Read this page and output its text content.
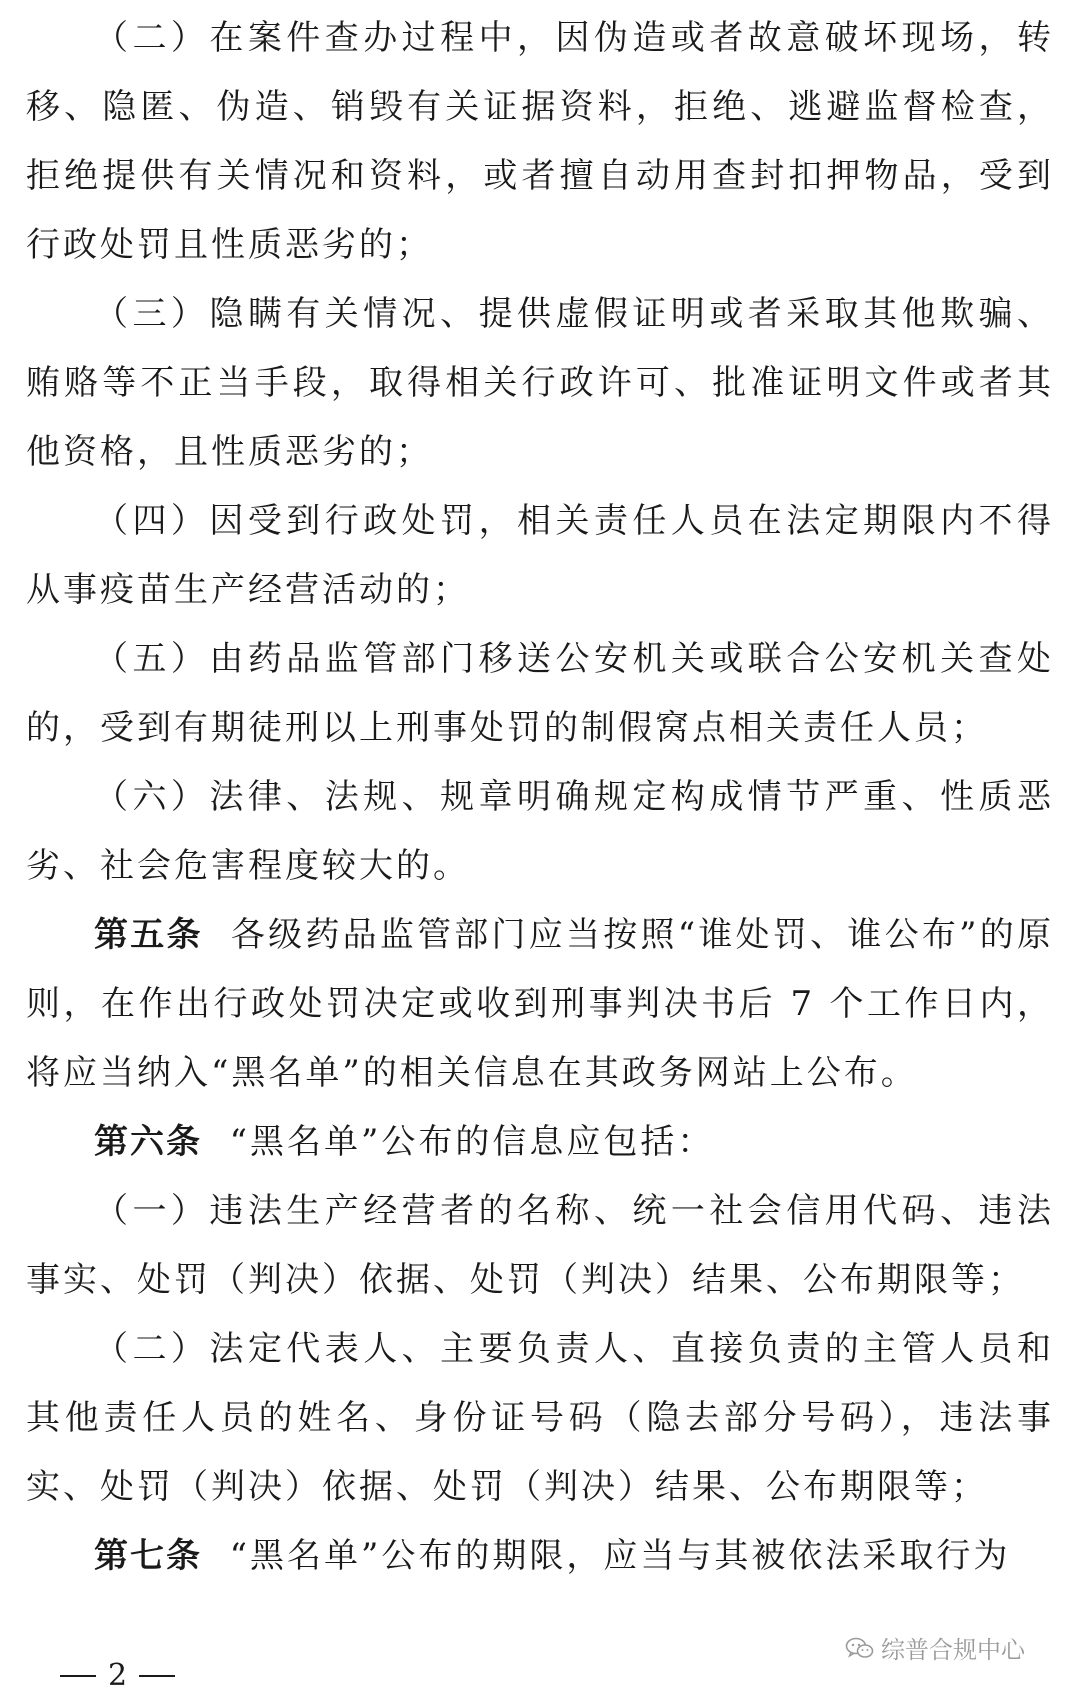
（二）在案件查办过程中，因伪造或者故意破坏现场，转移、隐匿、伪造、销毁有关证据资料，拒绝、逃避监督检查，拒绝提供有关情况和资料，或者擅自动用查封扣押物品，受到行政处罚且性质恶劣的；

（三）隐瞒有关情况、提供虚假证明或者采取其他欺骗、贿赂等不正当手段，取得相关行政许可、批准证明文件或者其他资格，且性质恶劣的；

（四）因受到行政处罚，相关责任人员在法定期限内不得从事疫苗生产经营活动的；

（五）由药品监管部门移送公安机关或联合公安机关查处的，受到有期徒刑以上刑事处罚的制假窝点相关责任人员；

（六）法律、法规、规章明确规定构成情节严重、性质恶劣、社会危害程度较大的。

第五条 各级药品监管部门应当按照“谁处罚、谁公布”的原则，在作出行政处罚决定或收到刑事判决书后 7 个工作日内，将应当纳入“黑名单”的相关信息在其政务网站上公布。

第六条 “黑名单”公布的信息应包括：

（一）违法生产经营者的名称、统一社会信用代码、违法事实、处罚（判决）依据、处罚（判决）结果、公布期限等；

（二）法定代表人、主要负责人、直接负责的主管人员和其他责任人员的姓名、身份证号码（隐去部分号码），违法事实、处罚（判决）依据、处罚（判决）结果、公布期限等；

第七条 “黑名单”公布的期限，应当与其被依法采取行为

综普合规中心
2
